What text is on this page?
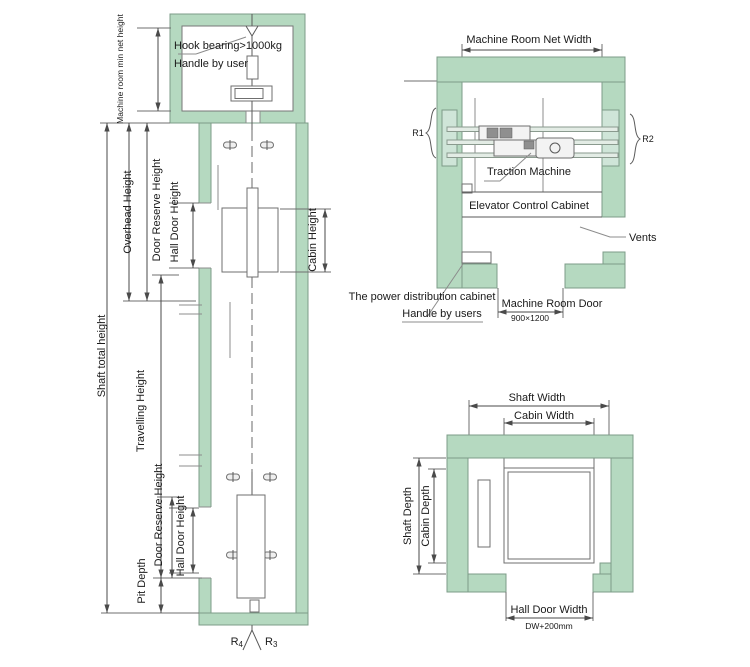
Hook bearing>1000kg
Handle by user
R4 R3
Machine room min net height
Overhead Height Door Reserve Height Hall Door Height
Shaft total height
Travelling Height
Door Reserve Height Hall Door Height
Pit Depth
Cabin Height
Machine Room Net Width
R1
R2
Traction Machine
Elevator Control Cabinet
Vents
The power distribution cabinet
Handle by users
Machine Room Door
900×1200
Shaft Width
Cabin Width
Shaft Depth Cabin Depth
Hall Door Width
DW+200mm
